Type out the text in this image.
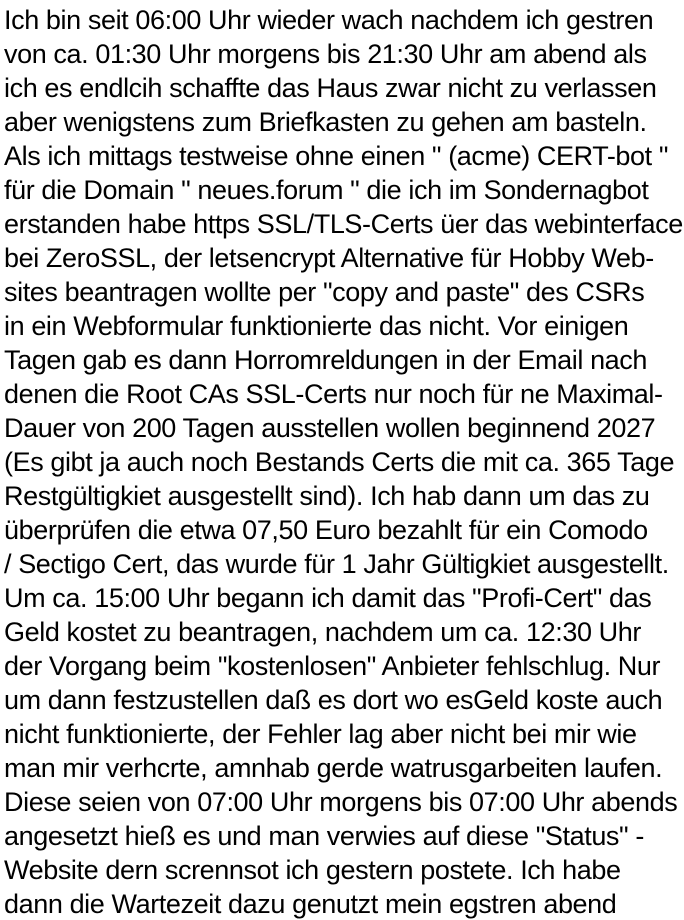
Ich bin seit 06:00 Uhr wieder wach nachdem ich gestren
von ca. 01:30 Uhr morgens bis 21:30 Uhr am abend als
ich es endlcih schaffte das Haus zwar nicht zu verlassen
aber wenigstens zum Briefkasten zu gehen am basteln.
Als ich mittags testweise ohne einen " (acme) CERT-bot "
für die Domain " neues.forum " die ich im Sondernagbot
erstanden habe https SSL/TLS-Certs üer das webinterface
bei ZeroSSL, der letsencrypt Alternative für Hobby Web-
sites beantragen wollte per "copy and paste" des CSRs
in ein Webformular funktionierte das nicht. Vor einigen
Tagen gab es dann Horromreldungen in der Email nach
denen die Root CAs SSL-Certs nur noch für ne Maximal-
Dauer von 200 Tagen ausstellen wollen beginnend 2027
(Es gibt ja auch noch Bestands Certs die mit ca. 365 Tage
Restgültigkiet ausgestellt sind). Ich hab dann um das zu
überprüfen die etwa 07,50 Euro bezahlt für ein Comodo
/ Sectigo Cert, das wurde für 1 Jahr Gültigkiet ausgestellt.
Um ca. 15:00 Uhr begann ich damit das "Profi-Cert" das
Geld kostet zu beantragen, nachdem um ca. 12:30 Uhr
der Vorgang beim "kostenlosen" Anbieter fehlschlug. Nur
um dann festzustellen daß es dort wo esGeld koste auch
nicht funktionierte, der Fehler lag aber nicht bei mir wie
man mir verhcrte, amnhab gerde watrusgarbeiten laufen.
Diese seien von 07:00 Uhr morgens bis 07:00 Uhr abends
angesetzt hieß es und man verwies auf diese "Status" -
Website dern scrennsot ich gestern postete. Ich habe
dann die Wartezeit dazu genutzt mein egstren abend
